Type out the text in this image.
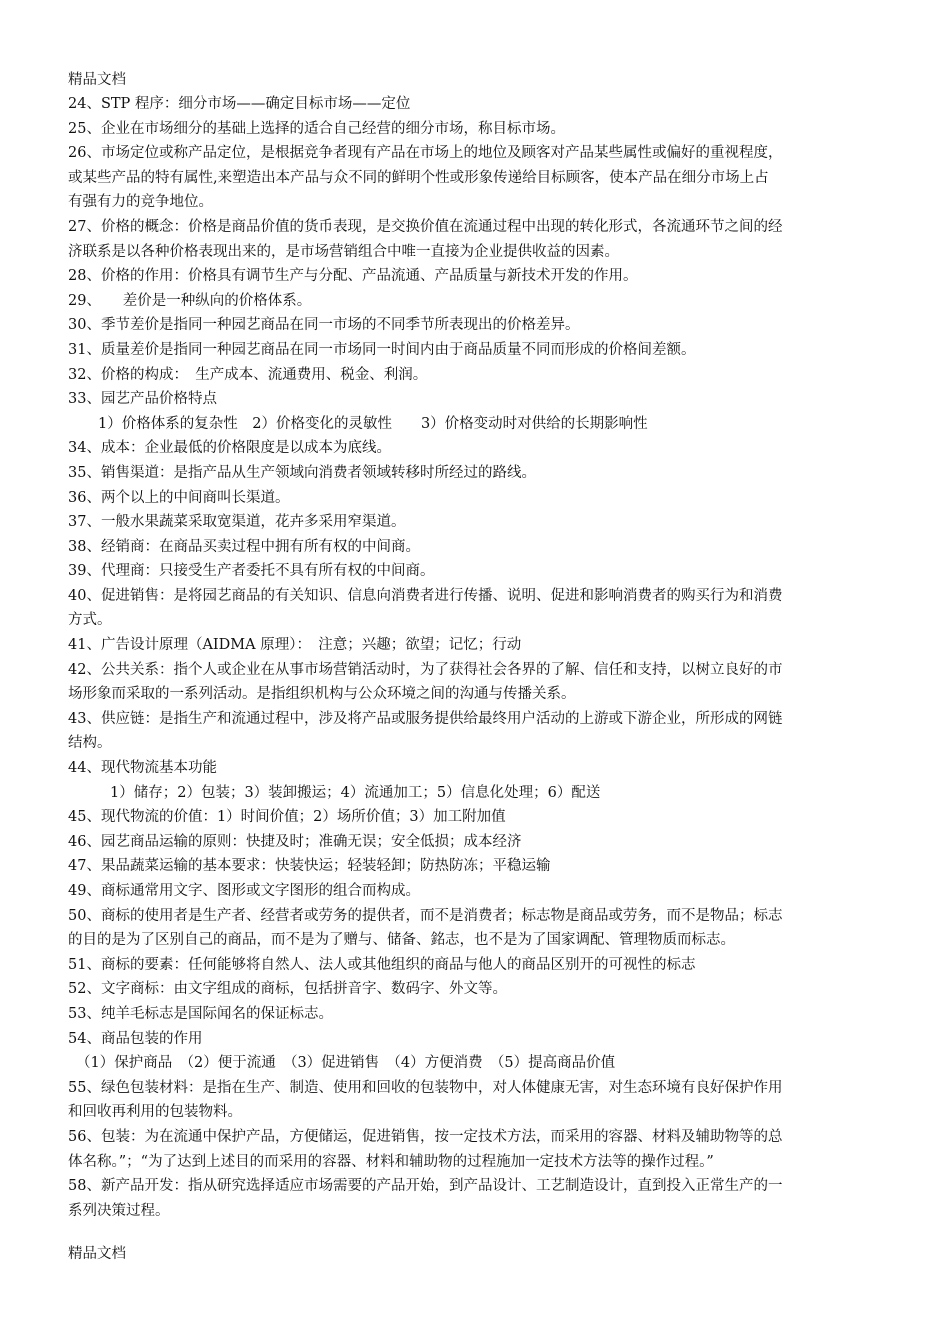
精品文档
24、STP 程序：细分市场——确定目标市场——定位
25、企业在市场细分的基础上选择的适合自己经营的细分市场，称目标市场。
26、市场定位或称产品定位，是根据竞争者现有产品在市场上的地位及顾客对产品某些属性或偏好的重视程度，
或某些产品的特有属性,来塑造出本产品与众不同的鲜明个性或形象传递给目标顾客，使本产品在细分市场上占
有强有力的竞争地位。
27、价格的概念：价格是商品价值的货币表现，是交换价值在流通过程中出现的转化形式，各流通环节之间的经
济联系是以各种价格表现出来的，是市场营销组合中唯一直接为企业提供收益的因素。
28、价格的作用：价格具有调节生产与分配、产品流通、产品质量与新技术开发的作用。
29、　　差价是一种纵向的价格体系。
30、季节差价是指同一种园艺商品在同一市场的不同季节所表现出的价格差异。
31、质量差价是指同一种园艺商品在同一市场同一时间内由于商品质量不同而形成的价格间差额。
32、价格的构成：　生产成本、流通费用、税金、利润。
33、园艺产品价格特点
1）价格体系的复杂性　2）价格变化的灵敏性　　3）价格变动时对供给的长期影响性
34、成本：企业最低的价格限度是以成本为底线。
35、销售渠道：是指产品从生产领域向消费者领域转移时所经过的路线。
36、两个以上的中间商叫长渠道。
37、一般水果蔬菜采取宽渠道，花卉多采用窄渠道。
38、经销商：在商品买卖过程中拥有所有权的中间商。
39、代理商：只接受生产者委托不具有所有权的中间商。
40、促进销售：是将园艺商品的有关知识、信息向消费者进行传播、说明、促进和影响消费者的购买行为和消费
方式。
41、广告设计原理（AIDMA 原理）：　注意；兴趣；欲望；记忆；行动
42、公共关系：指个人或企业在从事市场营销活动时，为了获得社会各界的了解、信任和支持，以树立良好的市
场形象而采取的一系列活动。是指组织机构与公众环境之间的沟通与传播关系。
43、供应链：是指生产和流通过程中，涉及将产品或服务提供给最终用户活动的上游或下游企业，所形成的网链
结构。
44、现代物流基本功能
1）储存；2）包装；3）装卸搬运；4）流通加工；5）信息化处理；6）配送
45、现代物流的价值：1）时间价值；2）场所价值；3）加工附加值
46、园艺商品运输的原则：快捷及时；准确无误；安全低损；成本经济
47、果品蔬菜运输的基本要求：快装快运；轻装轻卸；防热防冻；平稳运输
49、商标通常用文字、图形或文字图形的组合而构成。
50、商标的使用者是生产者、经营者或劳务的提供者，而不是消费者；标志物是商品或劳务，而不是物品；标志
的目的是为了区别自己的商品，而不是为了赠与、储备、銘志，也不是为了国家调配、管理物质而标志。
51、商标的要素：任何能够将自然人、法人或其他组织的商品与他人的商品区别开的可视性的标志
52、文字商标：由文字组成的商标，包括拼音字、数码字、外文等。
53、纯羊毛标志是国际闻名的保证标志。
54、商品包装的作用
（1）保护商品　（2）便于流通　（3）促进销售　（4）方便消费　（5）提高商品价值
55、绿色包装材料：是指在生产、制造、使用和回收的包装物中，对人体健康无害，对生态环境有良好保护作用
和回收再利用的包装物料。
56、包装：为在流通中保护产品，方便储运，促进销售，按一定技术方法，而采用的容器、材料及辅助物等的总
体名称。”；“为了达到上述目的而采用的容器、材料和辅助物的过程施加一定技术方法等的操作过程。”
58、新产品开发：指从研究选择适应市场需要的产品开始，到产品设计、工艺制造设计，直到投入正常生产的一
系列决策过程。
精品文档
